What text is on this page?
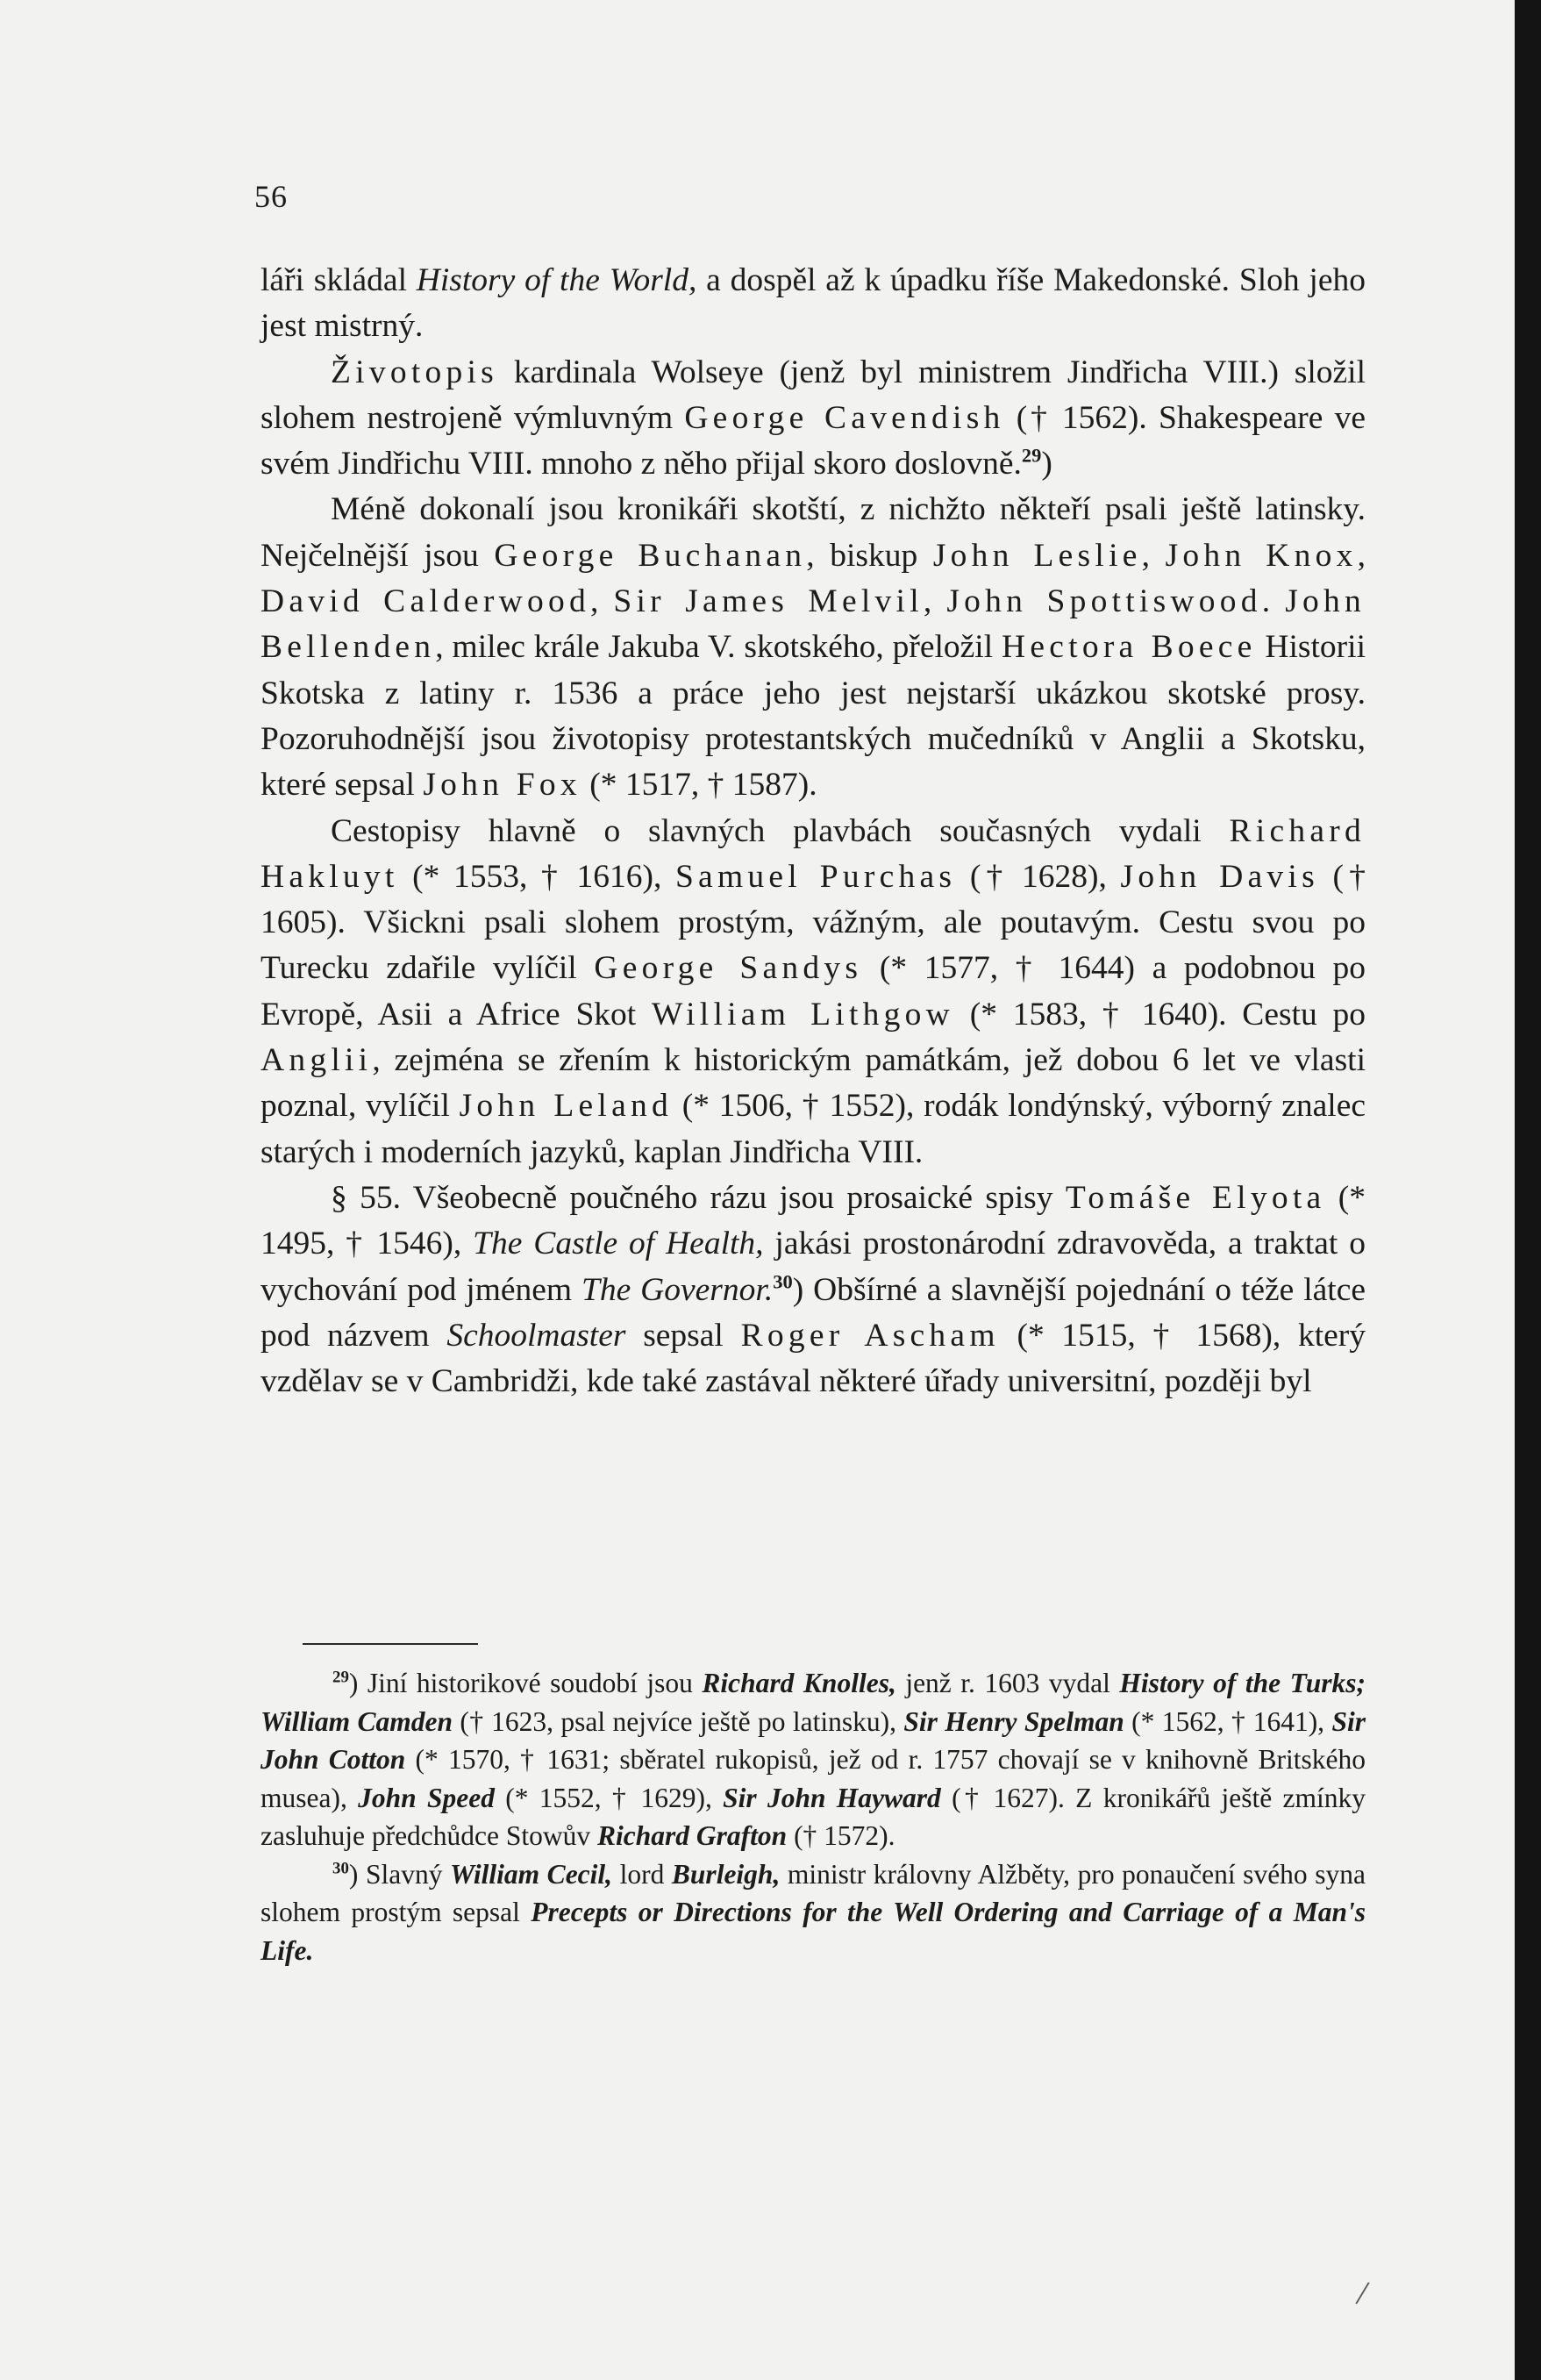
56

láři skládal History of the World, a dospěl až k úpadku říše Makedonské. Sloh jeho jest mistrný.

Životopis kardinala Wolseye (jenž byl ministrem Jindřicha VIII.) složil slohem nestrojeně výmluvným George Cavendish († 1562). Shakespeare ve svém Jindřichu VIII. mnoho z něho přijal skoro doslovně.$^{29}$)

Méně dokonalí jsou kronikáři skotští, z nichžto někteří psali ještě latinsky. Nejčelnější jsou George Buchanan, biskup John Leslie, John Knox, David Calderwood, Sir James Melvil, John Spottiswood. John Bellenden, milec krále Jakuba V. skotského, přeložil Hectora Boece Historii Skotska z latiny r. 1536 a práce jeho jest nejstarší ukázkou skotské prosy. Pozoruhodnější jsou životopisy protestantských mučedníků v Anglii a Skotsku, které sepsal John Fox (* 1517, † 1587).

Cestopisy hlavně o slavných plavbách současných vydali Richard Hakluyt (* 1553, † 1616), Samuel Purchas († 1628), John Davis († 1605). Všickni psali slohem prostým, vážným, ale poutavým. Cestu svou po Turecku zdařile vylíčil George Sandys (* 1577, † 1644) a podobnou po Evropě, Asii a Africe Skot William Lithgow (* 1583, † 1640). Cestu po Anglii, zejména se zřením k historickým památkám, jež dobou 6 let ve vlasti poznal, vylíčil John Leland (* 1506, † 1552), rodák londýnský, výborný znalec starých i moderních jazyků, kaplan Jindřicha VIII.

§ 55. Všeobecně poučného rázu jsou prosaické spisy Tomáše Elyota (* 1495, † 1546), The Castle of Health, jakási prostonárodní zdravověda, a traktat o vychování pod jménem The Governor.$^{30}$) Obšírné a slavnější pojednání o téže látce pod názvem Schoolmaster sepsal Roger Ascham (* 1515, † 1568), který vzdělav se v Cambridži, kde také zastával některé úřady universitní, později byl

$^{29}$) Jiní historikové soudobí jsou Richard Knolles, jenž r. 1603 vydal History of the Turks; William Camden († 1623, psal nejvíce ještě po latinsku), Sir Henry Spelman (* 1562, † 1641), Sir John Cotton (* 1570, † 1631; sběratel rukopisů, jež od r. 1757 chovají se v knihovně Britského musea), John Speed (* 1552, † 1629), Sir John Hayward († 1627). Z kronikářů ještě zmínky zasluhuje předchůdce Stowův Richard Grafton († 1572).

$^{30}$) Slavný William Cecil, lord Burleigh, ministr královny Alžběty, pro ponaučení svého syna slohem prostým sepsal Precepts or Directions for the Well Ordering and Carriage of a Man's Life.

/
